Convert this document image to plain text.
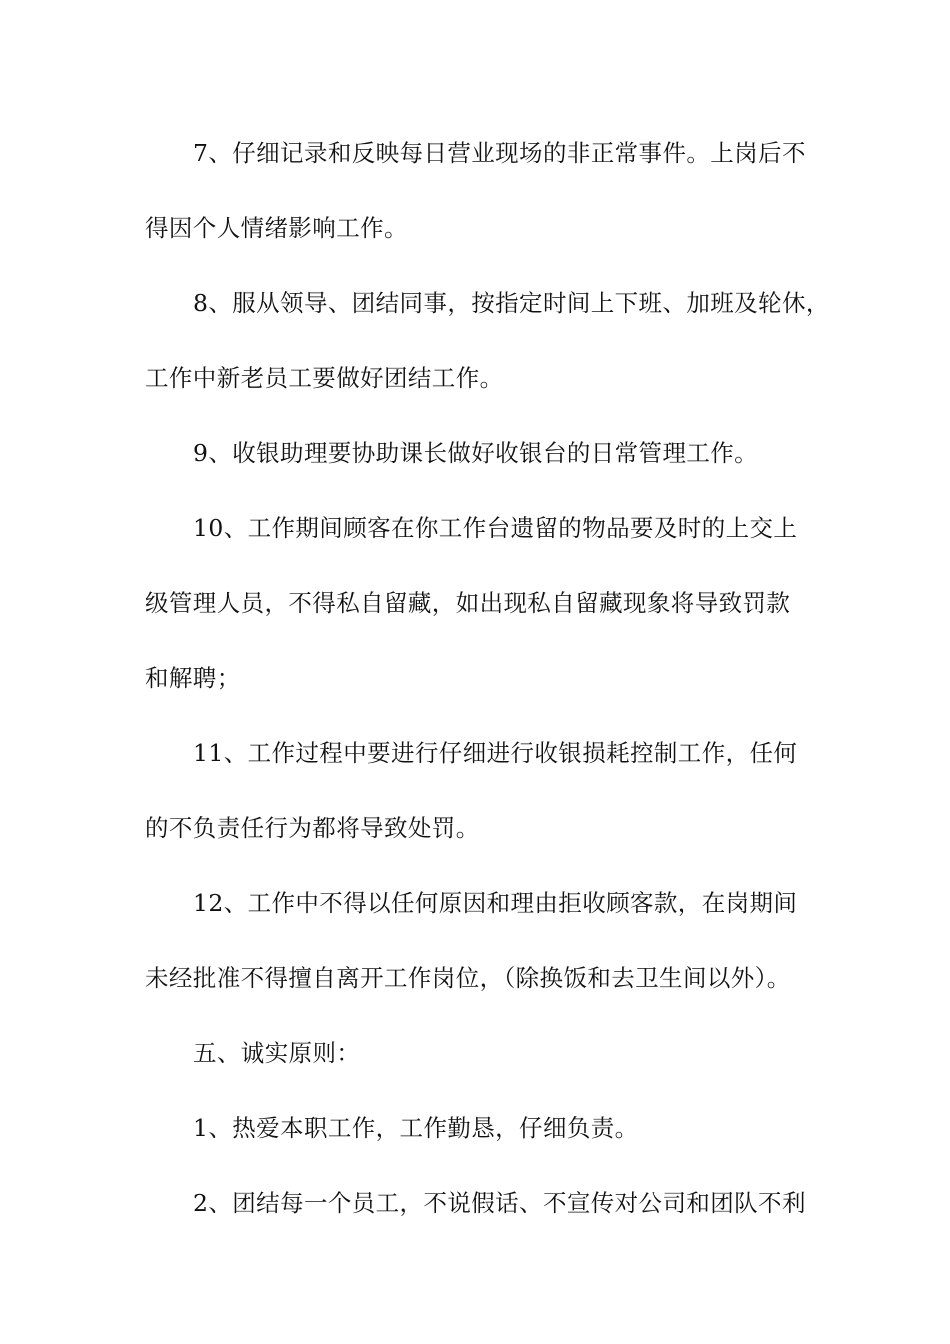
7、仔细记录和反映每日营业现场的非正常事件。上岗后不
得因个人情绪影响工作。
8、服从领导、团结同事，按指定时间上下班、加班及轮休，
工作中新老员工要做好团结工作。
9、收银助理要协助课长做好收银台的日常管理工作。
10、工作期间顾客在你工作台遗留的物品要及时的上交上
级管理人员，不得私自留藏，如出现私自留藏现象将导致罚款
和解聘；
11、工作过程中要进行仔细进行收银损耗控制工作，任何
的不负责任行为都将导致处罚。
12、工作中不得以任何原因和理由拒收顾客款，在岗期间
未经批准不得擅自离开工作岗位，（除换饭和去卫生间以外）。
五、诚实原则：
1、热爱本职工作，工作勤恳，仔细负责。
2、团结每一个员工，不说假话、不宣传对公司和团队不利
